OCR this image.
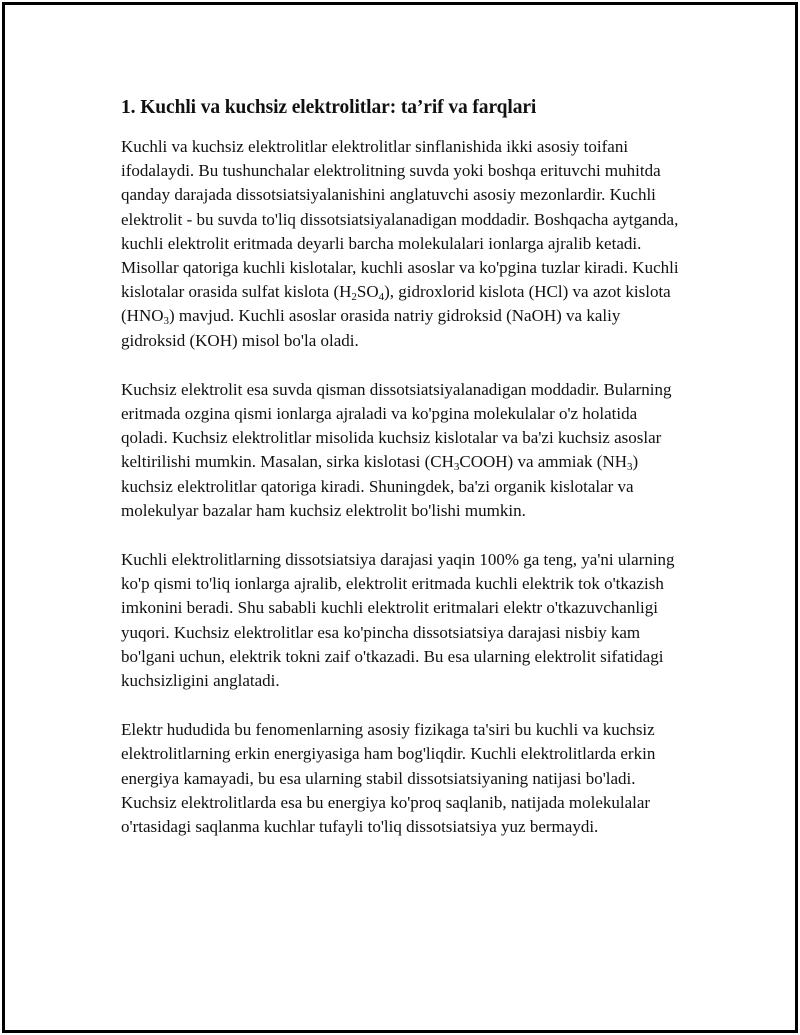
1. Kuchli va kuchsiz elektrolitlar: ta’rif va farqlari

Kuchli va kuchsiz elektrolitlar elektrolitlar sinflanishida ikki asosiy toifani ifodalaydi. Bu tushunchalar elektrolitning suvda yoki boshqa erituvchi muhitda qanday darajada dissotsiatsiyalanishini anglatuvchi asosiy mezonlardir. Kuchli elektrolit - bu suvda to'liq dissotsiatsiyalanadigan moddadir. Boshqacha aytganda, kuchli elektrolit eritmada deyarli barcha molekulalari ionlarga ajralib ketadi. Misollar qatoriga kuchli kislotalar, kuchli asoslar va ko'pgina tuzlar kiradi. Kuchli kislotalar orasida sulfat kislota $(H_2SO_4)$, gidroxlorid kislota (HCl) va azot kislota $(HNO_3)$ mavjud. Kuchli asoslar orasida natriy gidroksid (NaOH) va kaliy gidroksid (KOH) misol bo'la oladi.

Kuchsiz elektrolit esa suvda qisman dissotsiatsiyalanadigan moddadir. Bularning eritmada ozgina qismi ionlarga ajraladi va ko'pgina molekulalar o'z holatida qoladi. Kuchsiz elektrolitlar misolida kuchsiz kislotalar va ba'zi kuchsiz asoslar keltirilishi mumkin. Masalan, sirka kislotasi $(CH_3COOH)$ va ammiak $(NH_3)$ kuchsiz elektrolitlar qatoriga kiradi. Shuningdek, ba'zi organik kislotalar va molekulyar bazalar ham kuchsiz elektrolit bo'lishi mumkin.

Kuchli elektrolitlarning dissotsiatsiya darajasi yaqin 100% ga teng, ya'ni ularning ko'p qismi to'liq ionlarga ajralib, elektrolit eritmada kuchli elektrik tok o'tkazish imkonini beradi. Shu sababli kuchli elektrolit eritmalari elektr o'tkazuvchanligi yuqori. Kuchsiz elektrolitlar esa ko'pincha dissotsiatsiya darajasi nisbiy kam bo'lgani uchun, elektrik tokni zaif o'tkazadi. Bu esa ularning elektrolit sifatidagi kuchsizligini anglatadi.

Elektr hududida bu fenomenlarning asosiy fizikaga ta'siri bu kuchli va kuchsiz elektrolitlarning erkin energiyasiga ham bog'liqdir. Kuchli elektrolitlarda erkin energiya kamayadi, bu esa ularning stabil dissotsiatsiyaning natijasi bo'ladi. Kuchsiz elektrolitlarda esa bu energiya ko'proq saqlanib, natijada molekulalar o'rtasidagi saqlanma kuchlar tufayli to'liq dissotsiatsiya yuz bermaydi.
